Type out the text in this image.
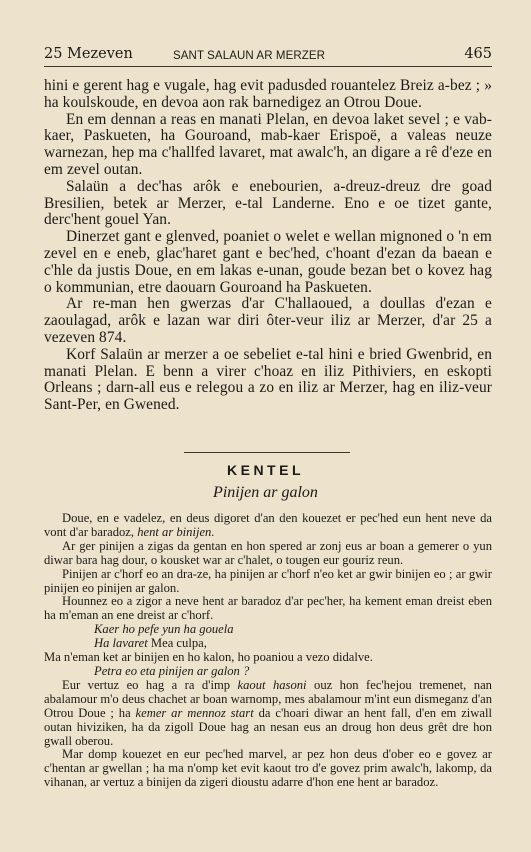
25 Mezeven	SANT SALAUN AR MERZER	465

hini e gerent hag e vugale, hag evit padusded rouantelez Breiz a-bez ; » ha koulskoude, en devoa aon rak barnedigez an Otrou Doue.

En em dennan a reas en manati Plelan, en devoa laket sevel ; e vab-kaer, Paskueten, ha Gouroand, mab-kaer Erispoë, a valeas neuze warnezan, hep ma c'hallfed lavaret, mat awalc'h, an digare a rê d'eze en em zevel outan.

Salaün a dec'has arôk e enebourien, a-dreuz-dreuz dre goad Bresilien, betek ar Merzer, e-tal Landerne. Eno e oe tizet gante, derc'hent gouel Yan.

Dinerzet gant e glenved, poaniet o welet e wellan mignoned o 'n em zevel en e eneb, glac'haret gant e bec'hed, c'hoant d'ezan da baean e c'hle da justis Doue, en em lakas e-unan, goude bezan bet o kovez hag o kommunian, etre daouarn Gouroand ha Paskueten.

Ar re-man hen gwerzas d'ar C'hallaoued, a doullas d'ezan e zaoulagad, arôk e lazan war diri ôter-veur iliz ar Merzer, d'ar 25 a vezeven 874.

Korf Salaün ar merzer a oe sebeliet e-tal hini e bried Gwenbrid, en manati Plelan. E benn a virer c'hoaz en iliz Pithiviers, en eskopti Orleans ; darn-all eus e relegou a zo en iliz ar Merzer, hag en iliz-veur Sant-Per, en Gwened.

KENTEL
Pinijen ar galon

Doue, en e vadelez, en deus digoret d'an den kouezet er pec'hed eun hent neve da vont d'ar baradoz, hent ar binijen.

Ar ger pinijen a zigas da gentan en hon spered ar zonj eus ar boan a gemerer o yun diwar bara hag dour, o kousket war ar c'halet, o tougen eur gouriz reun.

Pinijen ar c'horf eo an dra-ze, ha pinijen ar c'horf n'eo ket ar gwir binijen eo ; ar gwir pinijen eo pinijen ar galon.

Hounnez eo a zigor a neve hent ar baradoz d'ar pec'her, ha kement eman dreist eben ha m'eman an ene dreist ar c'horf.

Kaer ho pefe yun ha gouela

Ha lavaret Mea culpa,

Ma n'eman ket ar binijen en ho kalon, ho poaniou a vezo didalve.

Petra eo eta pinijen ar galon ?

Eur vertuz eo hag a ra d'imp kaout hasoni ouz hon fec'hejou tremenet, nan abalamour m'o deus chachet ar boan warnomp, mes abalamour m'int eun dismeganz d'an Otrou Doue ; ha kemer ar mennoz start da c'hoari diwar an hent fall, d'en em ziwall outan hiviziken, ha da zigoll Doue hag an nesan eus an droug hon deus grêt dre hon gwall oberou.

Mar domp kouezet en eur pec'hed marvel, ar pez hon deus d'ober eo e govez ar c'hentan ar gwellan ; ha ma n'omp ket evit kaout tro d'e govez prim awalc'h, lakomp, da vihanan, ar vertuz a binijen da zigeri dioustu adarre d'hon ene hent ar baradoz.
